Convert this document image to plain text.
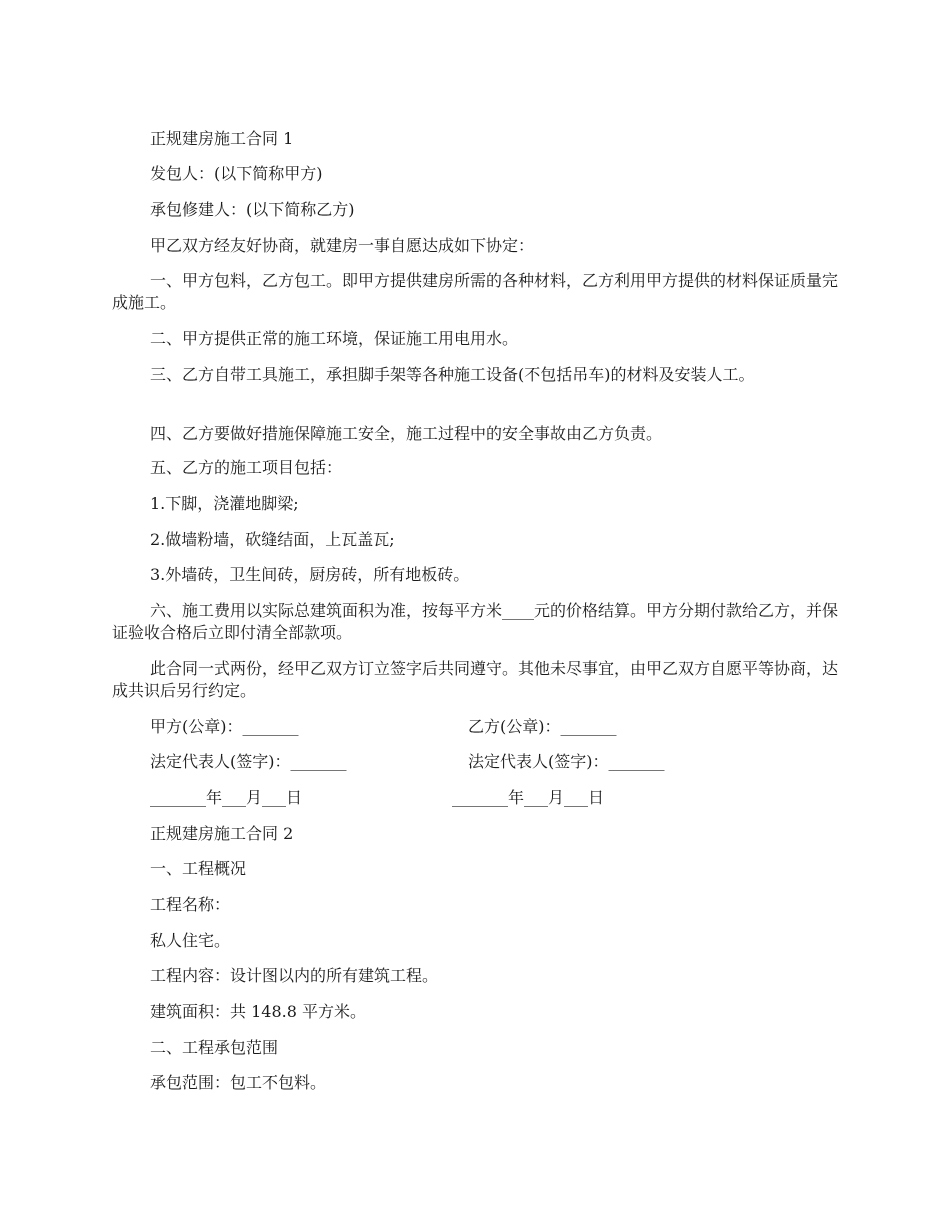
正规建房施工合同 1
发包人：(以下简称甲方)
承包修建人：(以下简称乙方)
甲乙双方经友好协商，就建房一事自愿达成如下协定：
一、甲方包料，乙方包工。即甲方提供建房所需的各种材料，乙方利用甲方提供的材料保证质量完成施工。
二、甲方提供正常的施工环境，保证施工用电用水。
三、乙方自带工具施工，承担脚手架等各种施工设备(不包括吊车)的材料及安装人工。
四、乙方要做好措施保障施工安全，施工过程中的安全事故由乙方负责。
五、乙方的施工项目包括：
1.下脚，浇灌地脚梁;
2.做墙粉墙，砍缝结面，上瓦盖瓦;
3.外墙砖，卫生间砖，厨房砖，所有地板砖。
六、施工费用以实际总建筑面积为准，按每平方米____元的价格结算。甲方分期付款给乙方，并保证验收合格后立即付清全部款项。
此合同一式两份，经甲乙双方订立签字后共同遵守。其他未尽事宜，由甲乙双方自愿平等协商，达成共识后另行约定。
甲方(公章)：_______	乙方(公章)：_______
法定代表人(签字)：_______	法定代表人(签字)：_______
_______年___月___日	_______年___月___日
正规建房施工合同 2
一、工程概况
工程名称：
私人住宅。
工程内容：设计图以内的所有建筑工程。
建筑面积：共 148.8 平方米。
二、工程承包范围
承包范围：包工不包料。
